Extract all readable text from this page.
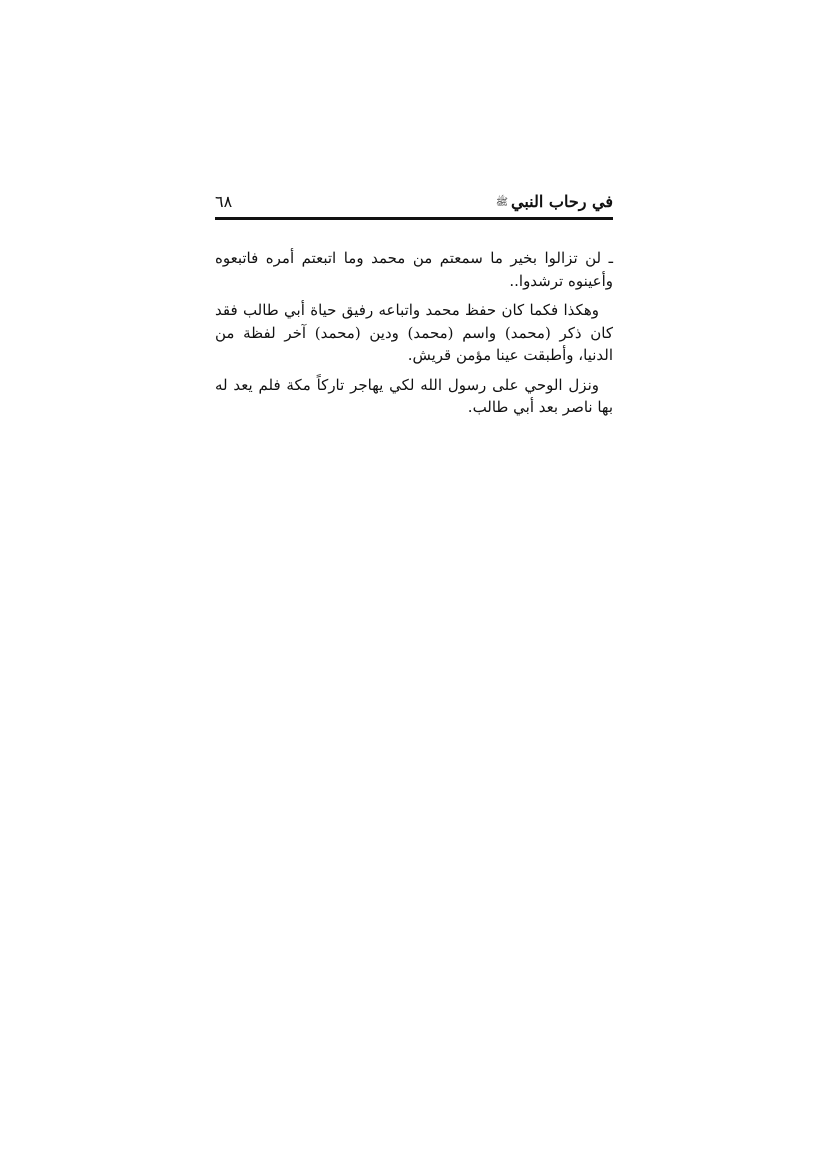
في رحاب النبيﷺ
٦٨

ـ لن تزالوا بخير ما سمعتم من محمد وما اتبعتم أمره فاتبعوه وأعينوه ترشدوا..

وهكذا فكما كان حفظ محمد واتباعه رفيق حياة أبي طالب فقد كان ذكر (محمد) واسم (محمد) ودين (محمد) آخر لفظة من الدنيا، وأطبقت عينا مؤمن قريش.

ونزل الوحي على رسول الله لكي يهاجر تاركاً مكة فلم يعد له بها ناصر بعد أبي طالب.
